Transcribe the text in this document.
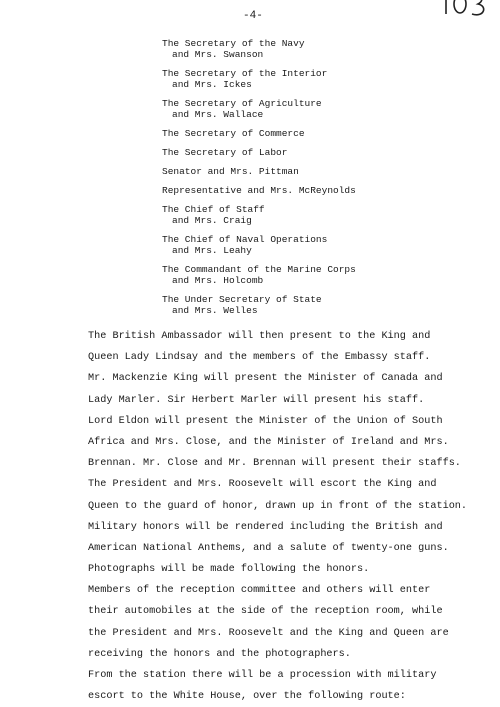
-4-
The Secretary of the Navy
and Mrs. Swanson
The Secretary of the Interior
and Mrs. Ickes
The Secretary of Agriculture
and Mrs. Wallace
The Secretary of Commerce
The Secretary of Labor
Senator and Mrs. Pittman
Representative and Mrs. McReynolds
The Chief of Staff
and Mrs. Craig
The Chief of Naval Operations
and Mrs. Leahy
The Commandant of the Marine Corps
and Mrs. Holcomb
The Under Secretary of State
and Mrs. Welles
The British Ambassador will then present to the King and
Queen Lady Lindsay and the members of the Embassy staff.
Mr. Mackenzie King will present the Minister of Canada and
Lady Marler. Sir Herbert Marler will present his staff.
Lord Eldon will present the Minister of the Union of South
Africa and Mrs. Close, and the Minister of Ireland and Mrs.
Brennan. Mr. Close and Mr. Brennan will present their staffs.
The President and Mrs. Roosevelt will escort the King and
Queen to the guard of honor, drawn up in front of the station.
Military honors will be rendered including the British and
American National Anthems, and a salute of twenty-one guns.
Photographs will be made following the honors.
Members of the reception committee and others will enter
their automobiles at the side of the reception room, while
the President and Mrs. Roosevelt and the King and Queen are
receiving the honors and the photographers.
From the station there will be a procession with military
escort to the White House, over the following route:
